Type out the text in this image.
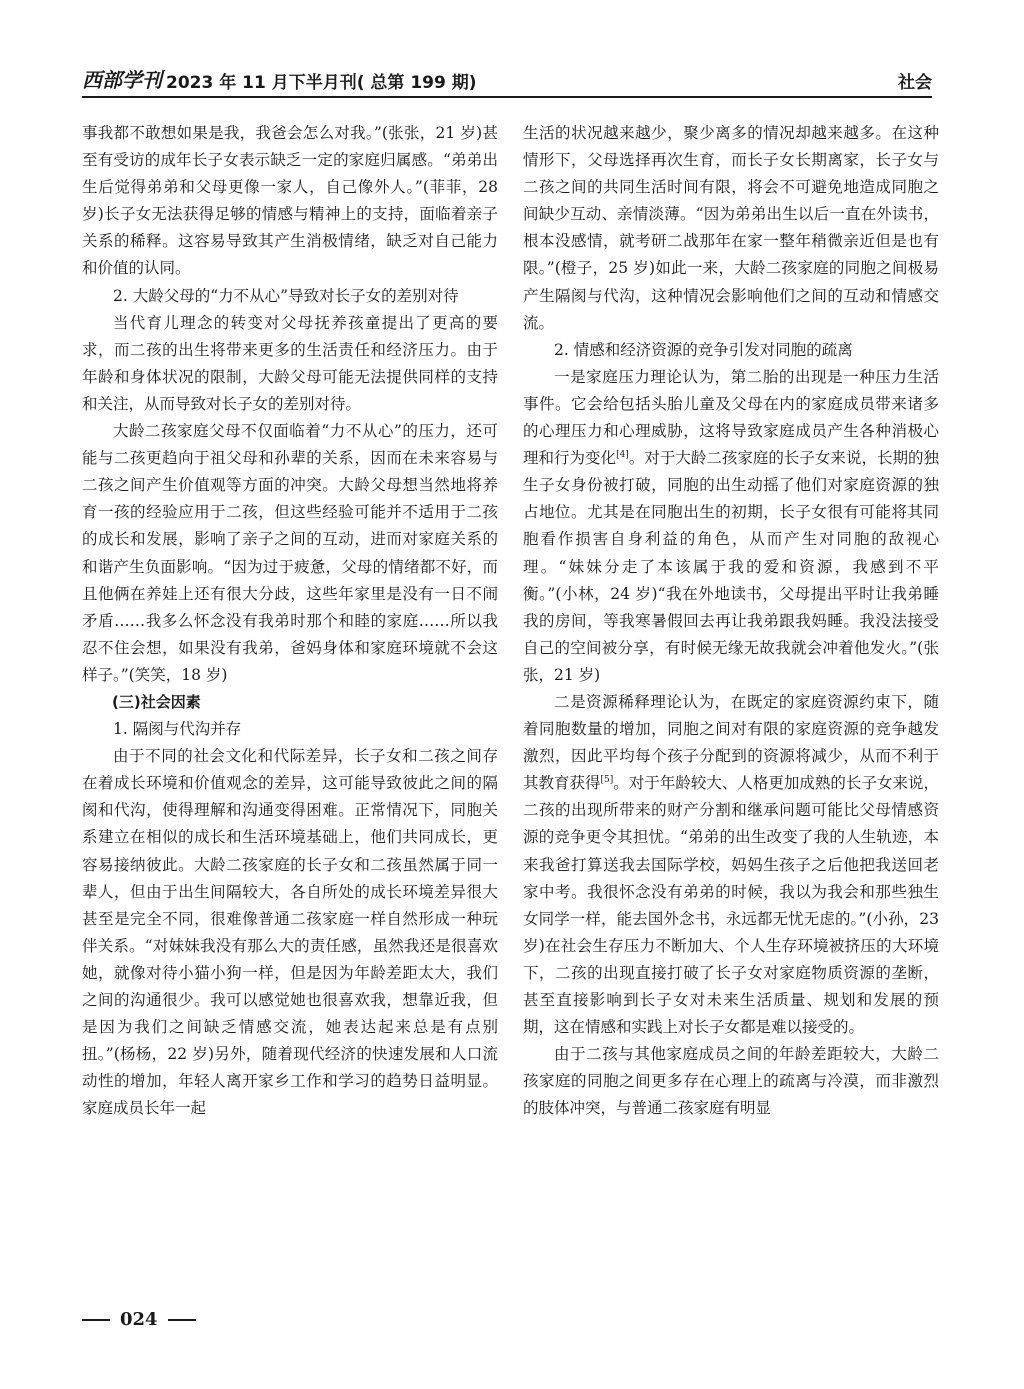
西部学刊 2023 年 11 月下半月刊( 总第 199 期)	社会

事我都不敢想如果是我，我爸会怎么对我。”(张张，21 岁)甚至有受访的成年长子女表示缺乏一定的家庭归属感。“弟弟出生后觉得弟弟和父母更像一家人，自己像外人。”(菲菲，28 岁)长子女无法获得足够的情感与精神上的支持，面临着亲子关系的稀释。这容易导致其产生消极情绪，缺乏对自己能力和价值的认同。

2. 大龄父母的“力不从心”导致对长子女的差别对待

当代育儿理念的转变对父母抚养孩童提出了更高的要求，而二孩的出生将带来更多的生活责任和经济压力。由于年龄和身体状况的限制，大龄父母可能无法提供同样的支持和关注，从而导致对长子女的差别对待。

大龄二孩家庭父母不仅面临着“力不从心”的压力，还可能与二孩更趋向于祖父母和孙辈的关系，因而在未来容易与二孩之间产生价值观等方面的冲突。大龄父母想当然地将养育一孩的经验应用于二孩，但这些经验可能并不适用于二孩的成长和发展，影响了亲子之间的互动，进而对家庭关系的和谐产生负面影响。“因为过于疲惫，父母的情绪都不好，而且他俩在养娃上还有很大分歧，这些年家里是没有一日不闹矛盾……我多么怀念没有我弟时那个和睦的家庭……所以我忍不住会想，如果没有我弟，爸妈身体和家庭环境就不会这样子。”(笑笑，18 岁)

(三)社会因素

1. 隔阂与代沟并存

由于不同的社会文化和代际差异，长子女和二孩之间存在着成长环境和价值观念的差异，这可能导致彼此之间的隔阂和代沟，使得理解和沟通变得困难。正常情况下，同胞关系建立在相似的成长和生活环境基础上，他们共同成长，更容易接纳彼此。大龄二孩家庭的长子女和二孩虽然属于同一辈人，但由于出生间隔较大，各自所处的成长环境差异很大甚至是完全不同，很难像普通二孩家庭一样自然形成一种玩伴关系。“对妹妹我没有那么大的责任感，虽然我还是很喜欢她，就像对待小猫小狗一样，但是因为年龄差距太大，我们之间的沟通很少。我可以感觉她也很喜欢我，想靠近我，但是因为我们之间缺乏情感交流，她表达起来总是有点别扭。”(杨杨，22 岁)另外，随着现代经济的快速发展和人口流动性的增加，年轻人离开家乡工作和学习的趋势日益明显。家庭成员长年一起

生活的状况越来越少，聚少离多的情况却越来越多。在这种情形下，父母选择再次生育，而长子女长期离家，长子女与二孩之间的共同生活时间有限，将会不可避免地造成同胞之间缺少互动、亲情淡薄。“因为弟弟出生以后一直在外读书，根本没感情，就考研二战那年在家一整年稍微亲近但是也有限。”(橙子，25 岁)如此一来，大龄二孩家庭的同胞之间极易产生隔阂与代沟，这种情况会影响他们之间的互动和情感交流。

2. 情感和经济资源的竞争引发对同胞的疏离

一是家庭压力理论认为，第二胎的出现是一种压力生活事件。它会给包括头胎儿童及父母在内的家庭成员带来诸多的心理压力和心理威胁，这将导致家庭成员产生各种消极心理和行为变化[4]。对于大龄二孩家庭的长子女来说，长期的独生子女身份被打破，同胞的出生动摇了他们对家庭资源的独占地位。尤其是在同胞出生的初期，长子女很有可能将其同胞看作损害自身利益的角色，从而产生对同胞的敌视心理。“妹妹分走了本该属于我的爱和资源，我感到不平衡。”(小林，24 岁)“我在外地读书，父母提出平时让我弟睡我的房间，等我寒暑假回去再让我弟跟我妈睡。我没法接受自己的空间被分享，有时候无缘无故我就会冲着他发火。”(张张，21 岁)

二是资源稀释理论认为，在既定的家庭资源约束下，随着同胞数量的增加，同胞之间对有限的家庭资源的竞争越发激烈，因此平均每个孩子分配到的资源将减少，从而不利于其教育获得[5]。对于年龄较大、人格更加成熟的长子女来说，二孩的出现所带来的财产分割和继承问题可能比父母情感资源的竞争更令其担忧。“弟弟的出生改变了我的人生轨迹，本来我爸打算送我去国际学校，妈妈生孩子之后他把我送回老家中考。我很怀念没有弟弟的时候，我以为我会和那些独生女同学一样，能去国外念书，永远都无忧无虑的。”(小孙，23 岁)在社会生存压力不断加大、个人生存环境被挤压的大环境下，二孩的出现直接打破了长子女对家庭物质资源的垄断，甚至直接影响到长子女对未来生活质量、规划和发展的预期，这在情感和实践上对长子女都是难以接受的。

由于二孩与其他家庭成员之间的年龄差距较大，大龄二孩家庭的同胞之间更多存在心理上的疏离与冷漠，而非激烈的肢体冲突，与普通二孩家庭有明显

024
